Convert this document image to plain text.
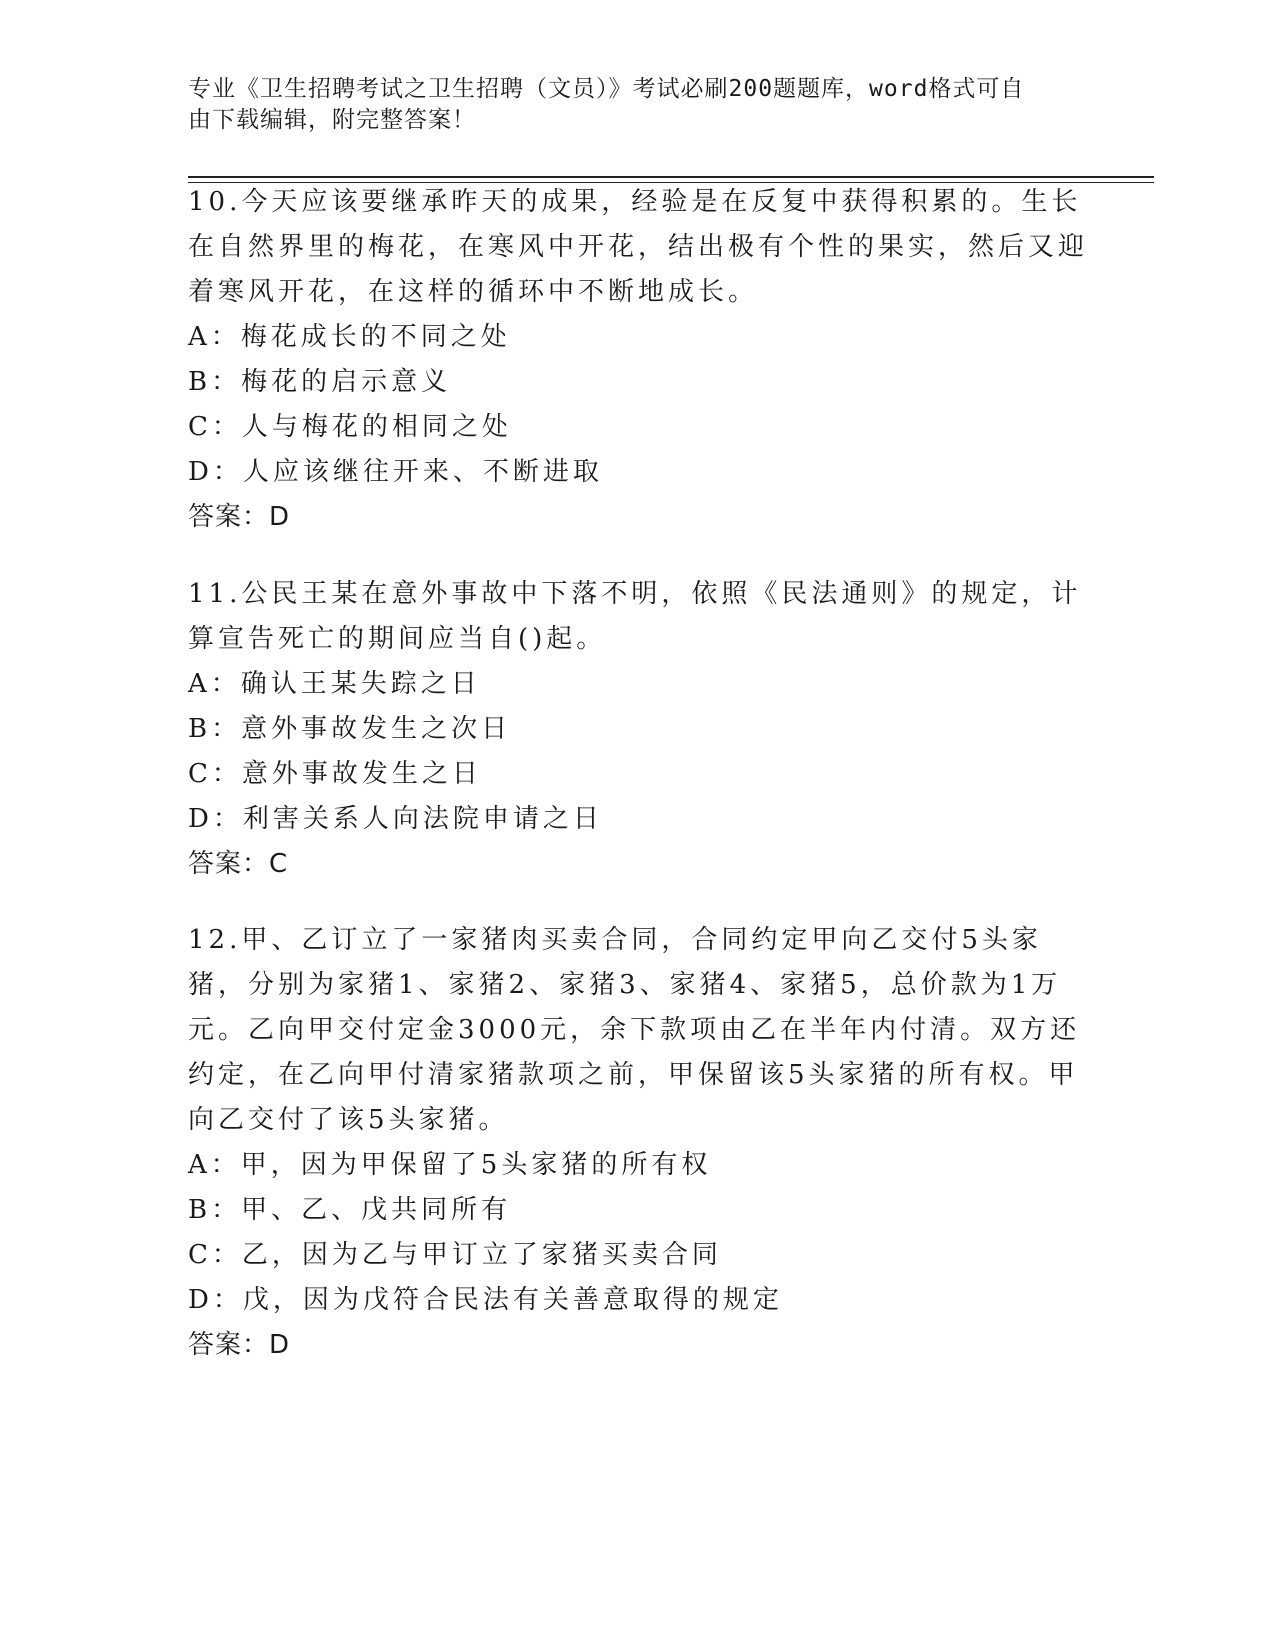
专业《卫生招聘考试之卫生招聘（文员）》考试必刷200题题库，word格式可自
由下载编辑，附完整答案！

10.今天应该要继承昨天的成果，经验是在反复中获得积累的。生长在自然界里的梅花，在寒风中开花，结出极有个性的果实，然后又迎着寒风开花，在这样的循环中不断地成长。

A：梅花成长的不同之处

B：梅花的启示意义

C：人与梅花的相同之处

D：人应该继往开来、不断进取

答案：D

11.公民王某在意外事故中下落不明，依照《民法通则》的规定，计算宣告死亡的期间应当自()起。

A：确认王某失踪之日

B：意外事故发生之次日

C：意外事故发生之日

D：利害关系人向法院申请之日

答案：C

12.甲、乙订立了一家猪肉买卖合同，合同约定甲向乙交付5头家猪，分别为家猪1、家猪2、家猪3、家猪4、家猪5，总价款为1万元。乙向甲交付定金3000元，余下款项由乙在半年内付清。双方还约定，在乙向甲付清家猪款项之前，甲保留该5头家猪的所有权。甲向乙交付了该5头家猪。

A：甲，因为甲保留了5头家猪的所有权

B：甲、乙、戊共同所有

C：乙，因为乙与甲订立了家猪买卖合同

D：戊，因为戊符合民法有关善意取得的规定

答案：D
